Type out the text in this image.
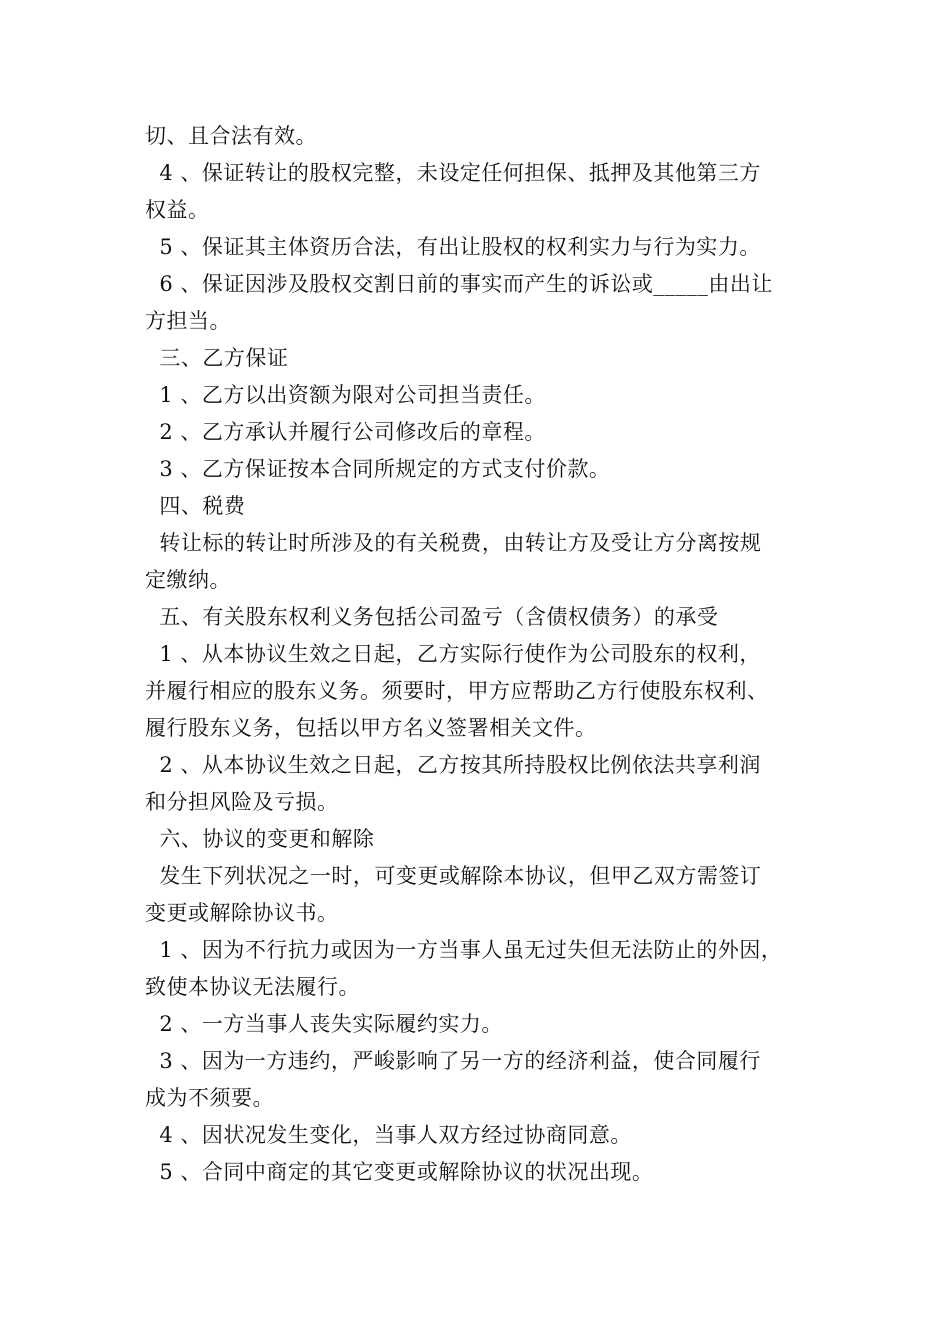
切、且合法有效。
4 、保证转让的股权完整，未设定任何担保、抵押及其他第三方
权益。
5 、保证其主体资历合法，有出让股权的权利实力与行为实力。
6 、保证因涉及股权交割日前的事实而产生的诉讼或_____由出让
方担当。
三、乙方保证
1 、乙方以出资额为限对公司担当责任。
2 、乙方承认并履行公司修改后的章程。
3 、乙方保证按本合同所规定的方式支付价款。
四、税费
转让标的转让时所涉及的有关税费，由转让方及受让方分离按规
定缴纳。
五、有关股东权利义务包括公司盈亏（含债权债务）的承受
1 、从本协议生效之日起，乙方实际行使作为公司股东的权利，
并履行相应的股东义务。须要时，甲方应帮助乙方行使股东权利、
履行股东义务，包括以甲方名义签署相关文件。
2 、从本协议生效之日起，乙方按其所持股权比例依法共享利润
和分担风险及亏损。
六、协议的变更和解除
发生下列状况之一时，可变更或解除本协议，但甲乙双方需签订
变更或解除协议书。
1 、因为不行抗力或因为一方当事人虽无过失但无法防止的外因，
致使本协议无法履行。
2 、一方当事人丧失实际履约实力。
3 、因为一方违约，严峻影响了另一方的经济利益，使合同履行
成为不须要。
4 、因状况发生变化，当事人双方经过协商同意。
5 、合同中商定的其它变更或解除协议的状况出现。
